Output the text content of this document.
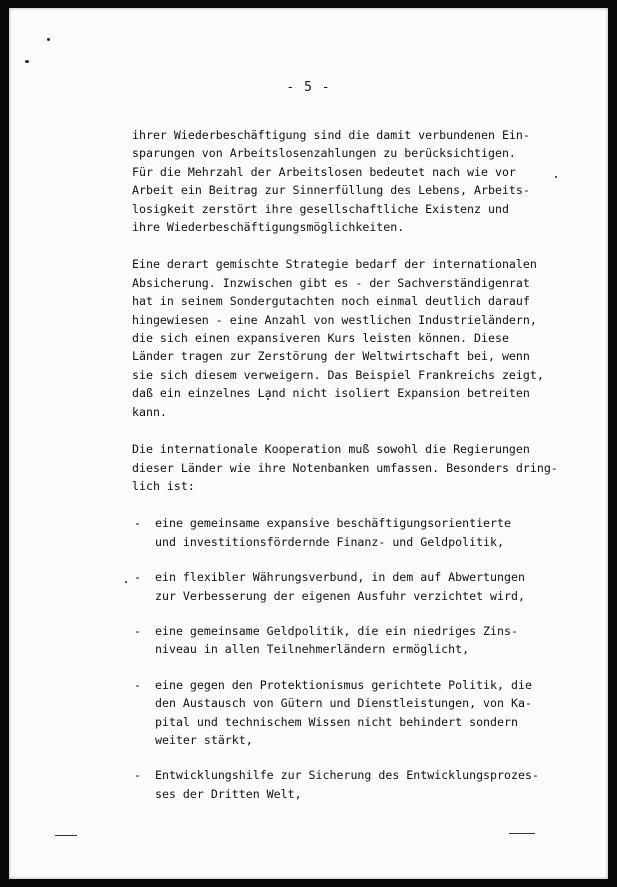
- 5 -
ihrer Wiederbeschäftigung sind die damit verbundenen Ein-
sparungen von Arbeitslosenzahlungen zu berücksichtigen.
Für die Mehrzahl der Arbeitslosen bedeutet nach wie vor
Arbeit ein Beitrag zur Sinnerfüllung des Lebens, Arbeits-
losigkeit zerstört ihre gesellschaftliche Existenz und
ihre Wiederbeschäftigungsmöglichkeiten.
Eine derart gemischte Strategie bedarf der internationalen
Absicherung. Inzwischen gibt es - der Sachverständigenrat
hat in seinem Sondergutachten noch einmal deutlich darauf
hingewiesen - eine Anzahl von westlichen Industrieländern,
die sich einen expansiveren Kurs leisten können. Diese
Länder tragen zur Zerstörung der Weltwirtschaft bei, wenn
sie sich diesem verweigern. Das Beispiel Frankreichs zeigt,
daß ein einzelnes Land nicht isoliert Expansion betreiten
kann.
Die internationale Kooperation muß sowohl die Regierungen
dieser Länder wie ihre Notenbanken umfassen. Besonders dring-
lich ist:
- eine gemeinsame expansive beschäftigungsorientierte
und investitionsfördernde Finanz- und Geldpolitik,
- ein flexibler Währungsverbund, in dem auf Abwertungen
zur Verbesserung der eigenen Ausfuhr verzichtet wird,
- eine gemeinsame Geldpolitik, die ein niedriges Zins-
niveau in allen Teilnehmerländern ermöglicht,
- eine gegen den Protektionismus gerichtete Politik, die
den Austausch von Gütern und Dienstleistungen, von Ka-
pital und technischem Wissen nicht behindert sondern
weiter stärkt,
- Entwicklungshilfe zur Sicherung des Entwicklungsprozes-
ses der Dritten Welt,
